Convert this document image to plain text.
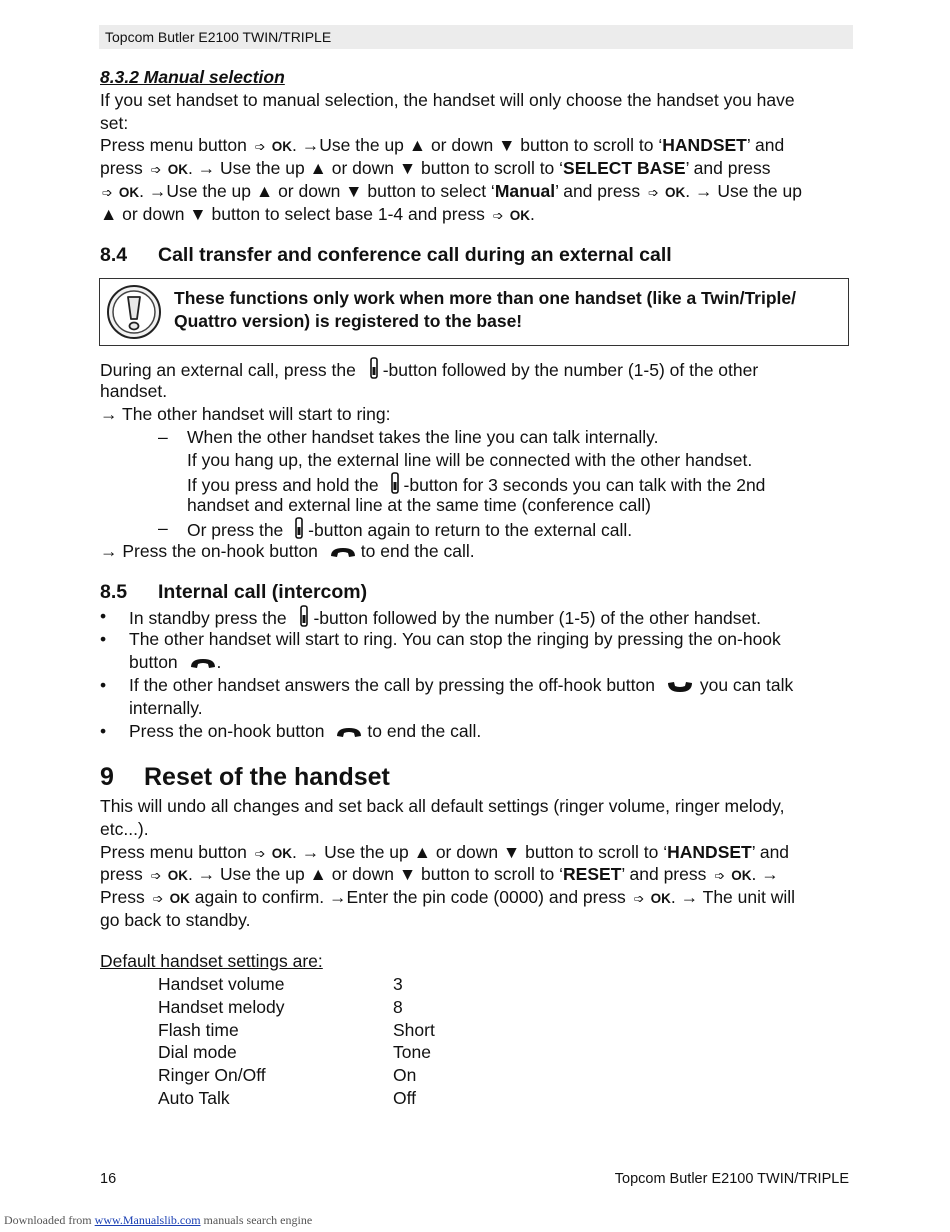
Topcom Butler E2100 TWIN/TRIPLE
8.3.2 Manual selection
If you set handset to manual selection, the handset will only choose the handset you have
set:
Press menu button ➩ OK. →Use the up ▲ or down ▼ button to scroll to ‘HANDSET’ and
press ➩ OK. → Use the up ▲ or down ▼ button to scroll to ‘SELECT BASE’ and press
➩ OK. →Use the up ▲ or down ▼ button to select ‘Manual’ and press ➩ OK. → Use the up
▲ or down ▼ button to select base 1-4 and press ➩ OK.
8.4 Call transfer and conference call during an external call
These functions only work when more than one handset (like a Twin/Triple/
Quattro version) is registered to the base!
During an external call, press the -button followed by the number (1-5) of the other
handset.
→ The other handset will start to ring:
– When the other handset takes the line you can talk internally.
If you hang up, the external line will be connected with the other handset.
If you press and hold the -button for 3 seconds you can talk with the 2nd
handset and external line at the same time (conference call)
– Or press the -button again to return to the external call.
→ Press the on-hook button to end the call.
8.5 Internal call (intercom)
• In standby press the -button followed by the number (1-5) of the other handset.
• The other handset will start to ring. You can stop the ringing by pressing the on-hook
button .
• If the other handset answers the call by pressing the off-hook button	you can talk
internally.
• Press the on-hook button to end the call.
9 Reset of the handset
This will undo all changes and set back all default settings (ringer volume, ringer melody,
etc...).
Press menu button ➩ OK. → Use the up ▲ or down ▼ button to scroll to ‘HANDSET’ and
press ➩ OK. → Use the up ▲ or down ▼ button to scroll to ‘RESET’ and press ➩ OK. →
Press ➩ OK again to confirm. →Enter the pin code (0000) and press ➩ OK. → The unit will
go back to standby.
Default handset settings are:
Handset volume	3
Handset melody	8
Flash time	Short
Dial mode	Tone
Ringer On/Off	On
Auto Talk	Off
16	Topcom Butler E2100 TWIN/TRIPLE
Downloaded from www.Manualslib.com manuals search engine
